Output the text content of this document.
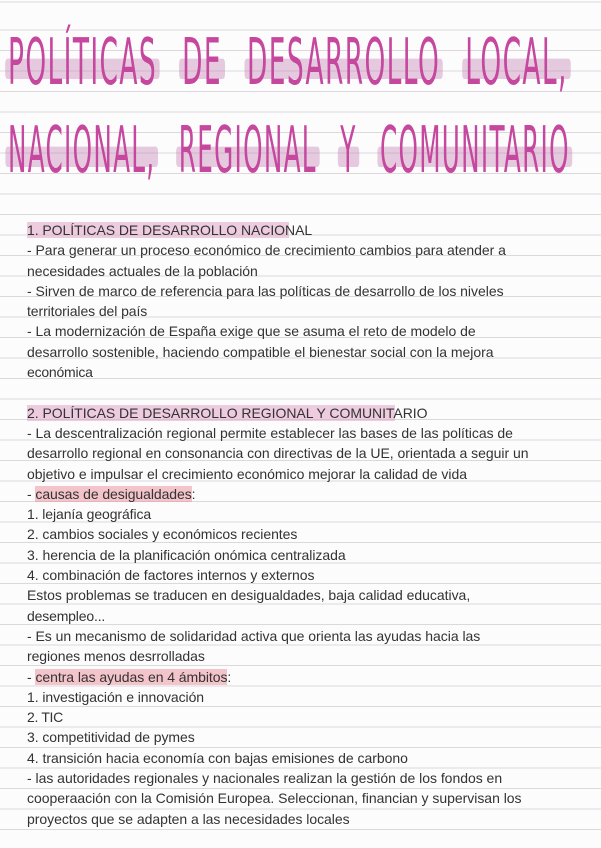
POLÍTICAS DE DESARROLLO LOCAL,
NACIONAL, REGIONAL Y COMUNITARIO
1. POLÍTICAS DE DESARROLLO NACIONAL
- Para generar un proceso económico de crecimiento cambios para atender a
necesidades actuales de la población
- Sirven de marco de referencia para las políticas de desarrollo de los niveles
territoriales del país
- La modernización de España exige que se asuma el reto de modelo de
desarrollo sostenible, haciendo compatible el bienestar social con la mejora
económica
2. POLÍTICAS DE DESARROLLO REGIONAL Y COMUNITARIO
- La descentralización regional permite establecer las bases de las políticas de
desarrollo regional en consonancia con directivas de la UE, orientada a seguir un
objetivo e impulsar el crecimiento económico mejorar la calidad de vida
- causas de desigualdades:
1. lejanía geográfica
2. cambios sociales y económicos recientes
3. herencia de la planificación onómica centralizada
4. combinación de factores internos y externos
Estos problemas se traducen en desigualdades, baja calidad educativa,
desempleo...
- Es un mecanismo de solidaridad activa que orienta las ayudas hacia las
regiones menos desrrolladas
- centra las ayudas en 4 ámbitos:
1. investigación e innovación
2. TIC
3. competitividad de pymes
4. transición hacia economía con bajas emisiones de carbono
- las autoridades regionales y nacionales realizan la gestión de los fondos en
cooperaación con la Comisión Europea. Seleccionan, financian y supervisan los
proyectos que se adapten a las necesidades locales
